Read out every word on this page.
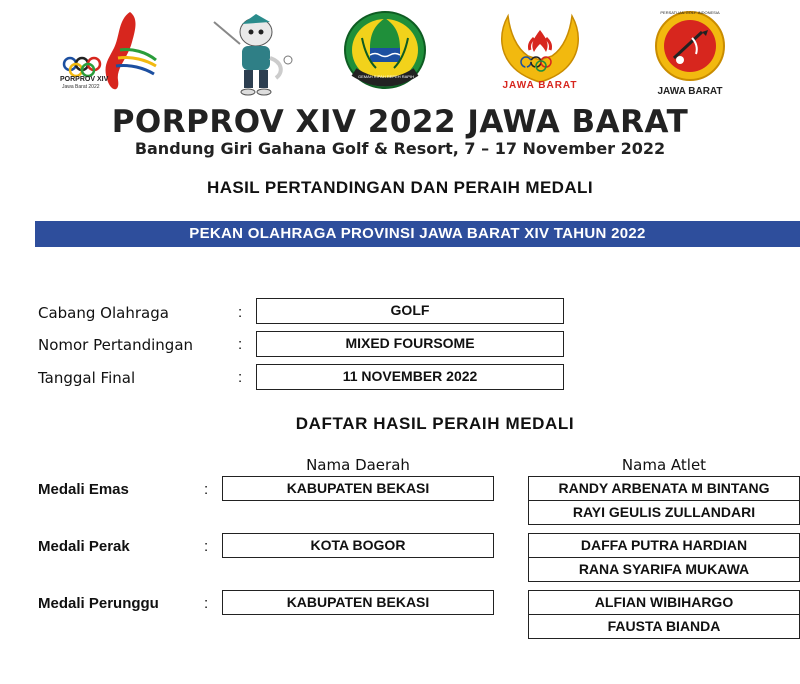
PORPROV XIV
Jawa Barat 2022
GEMAH RIPAH REPEH RAPIH
JAWA BARAT
PERSATUAN GOLF INDONESIA
JAWA BARAT
PORPROV XIV 2022 JAWA BARAT
Bandung Giri Gahana Golf & Resort, 7 – 17 November 2022
HASIL PERTANDINGAN DAN PERAIH MEDALI
PEKAN OLAHRAGA PROVINSI JAWA BARAT XIV TAHUN 2022
Cabang Olahraga	:	GOLF
Nomor Pertandingan	:	MIXED FOURSOME
Tanggal Final	:	11 NOVEMBER 2022
DAFTAR HASIL PERAIH MEDALI
Nama Daerah	Nama Atlet
Medali Emas	:	KABUPATEN BEKASI	RANDY ARBENATA M BINTANG
RAYI GEULIS ZULLANDARI
Medali Perak	:	KOTA BOGOR	DAFFA PUTRA HARDIAN
RANA SYARIFA MUKAWA
Medali Perunggu	:	KABUPATEN BEKASI	ALFIAN WIBIHARGO
FAUSTA BIANDA
